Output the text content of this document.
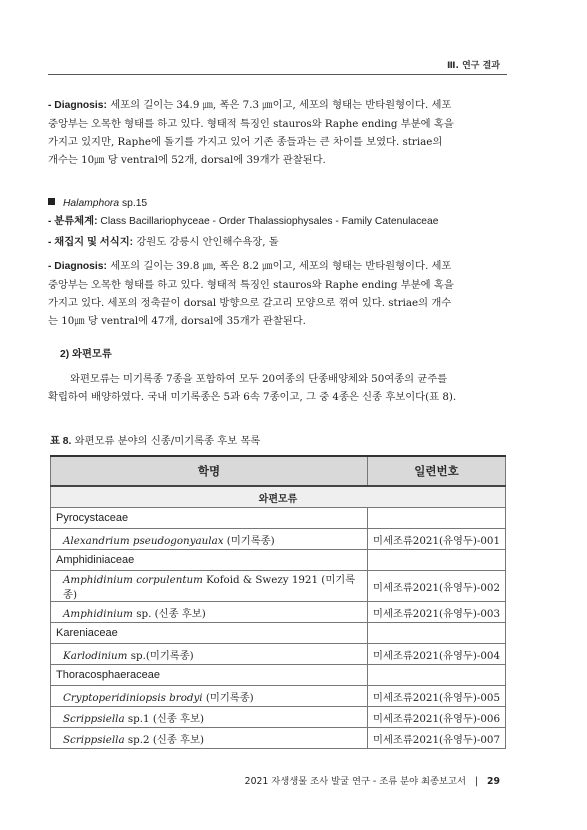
Ⅲ. 연구 결과
- Diagnosis: 세포의 길이는 34.9 ㎛, 폭은 7.3 ㎛이고, 세포의 형태는 반타원형이다. 세포
중앙부는 오목한 형태를 하고 있다. 형태적 특징인 stauros와 Raphe ending 부분에 혹을
가지고 있지만, Raphe에 돌기를 가지고 있어 기존 종들과는 큰 차이를 보였다. striae의
개수는 10㎛ 당 ventral에 52개, dorsal에 39개가 관찰된다.
Halamphora sp.15
- 분류체계: Class Bacillariophyceae - Order Thalassiophysales - Family Catenulaceae
- 채집지 및 서식지: 강원도 강릉시 안인해수욕장, 돌
- Diagnosis: 세포의 길이는 39.8 ㎛, 폭은 8.2 ㎛이고, 세포의 형태는 반타원형이다. 세포
중앙부는 오목한 형태를 하고 있다. 형태적 특징인 stauros와 Raphe ending 부분에 혹을
가지고 있다. 세포의 정축끝이 dorsal 방향으로 갈고리 모양으로 꺾여 있다. striae의 개수
는 10㎛ 당 ventral에 47개, dorsal에 35개가 관찰된다.
2) 와편모류
와편모류는 미기록종 7종을 포함하여 모두 20여종의 단종배양체와 50여종의 균주를
확립하여 배양하였다. 국내 미기록종은 5과 6속 7종이고, 그 중 4종은 신종 후보이다(표 8).
표 8. 와편모류 분야의 신종/미기록종 후보 목록
학명	일련번호
와편모류	
Pyrocystaceae	
Alexandrium pseudogonyaulax (미기록종)	미세조류2021(유영두)-001
Amphidiniaceae	
Amphidinium corpulentum Kofoid & Swezy 1921 (미기록종)	미세조류2021(유영두)-002
Amphidinium sp. (신종 후보)	미세조류2021(유영두)-003
Kareniaceae	
Karlodinium sp.(미기록종)	미세조류2021(유영두)-004
Thoracosphaeraceae	
Cryptoperidiniopsis brodyi (미기록종)	미세조류2021(유영두)-005
Scrippsiella sp.1 (신종 후보)	미세조류2021(유영두)-006
Scrippsiella sp.2 (신종 후보)	미세조류2021(유영두)-007
2021 자생생물 조사 발굴 연구 - 조류 분야 최종보고서 | 29
